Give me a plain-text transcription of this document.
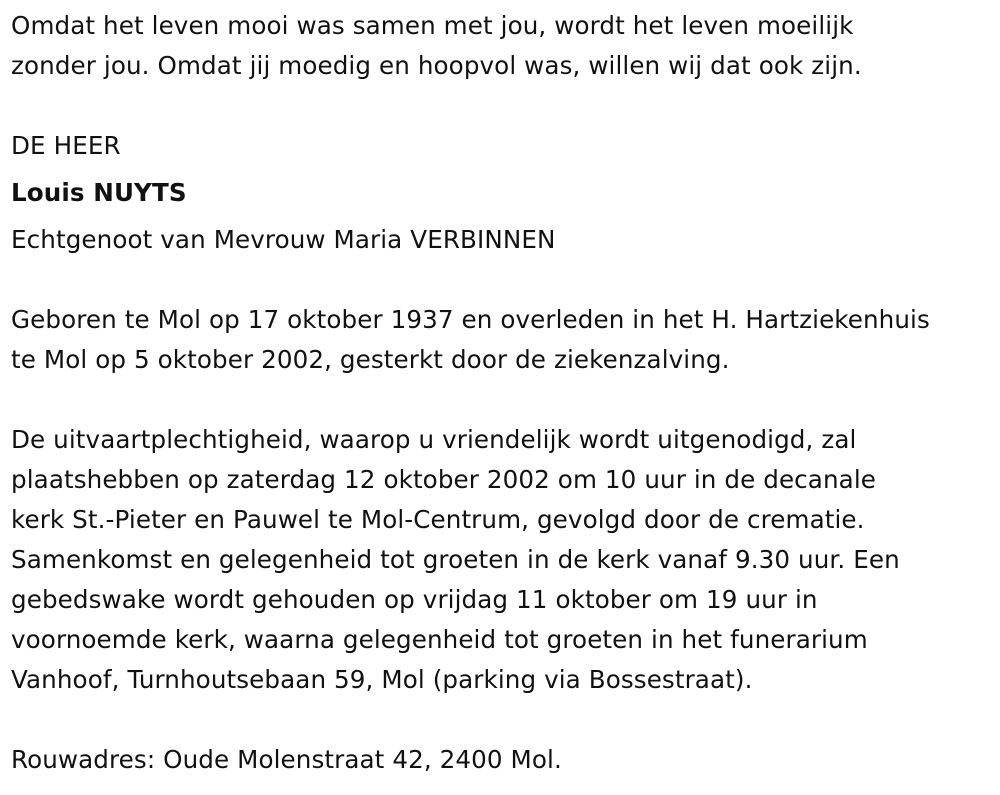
Omdat het leven mooi was samen met jou, wordt het leven moeilijk
zonder jou. Omdat jij moedig en hoopvol was, willen wij dat ook zijn.
DE HEER
Louis NUYTS
Echtgenoot van Mevrouw Maria VERBINNEN
Geboren te Mol op 17 oktober 1937 en overleden in het H. Hartziekenhuis
te Mol op 5 oktober 2002, gesterkt door de ziekenzalving.
De uitvaartplechtigheid, waarop u vriendelijk wordt uitgenodigd, zal
plaatshebben op zaterdag 12 oktober 2002 om 10 uur in de decanale
kerk St.-Pieter en Pauwel te Mol-Centrum, gevolgd door de crematie.
Samenkomst en gelegenheid tot groeten in de kerk vanaf 9.30 uur. Een
gebedswake wordt gehouden op vrijdag 11 oktober om 19 uur in
voornoemde kerk, waarna gelegenheid tot groeten in het funerarium
Vanhoof, Turnhoutsebaan 59, Mol (parking via Bossestraat).
Rouwadres: Oude Molenstraat 42, 2400 Mol.
